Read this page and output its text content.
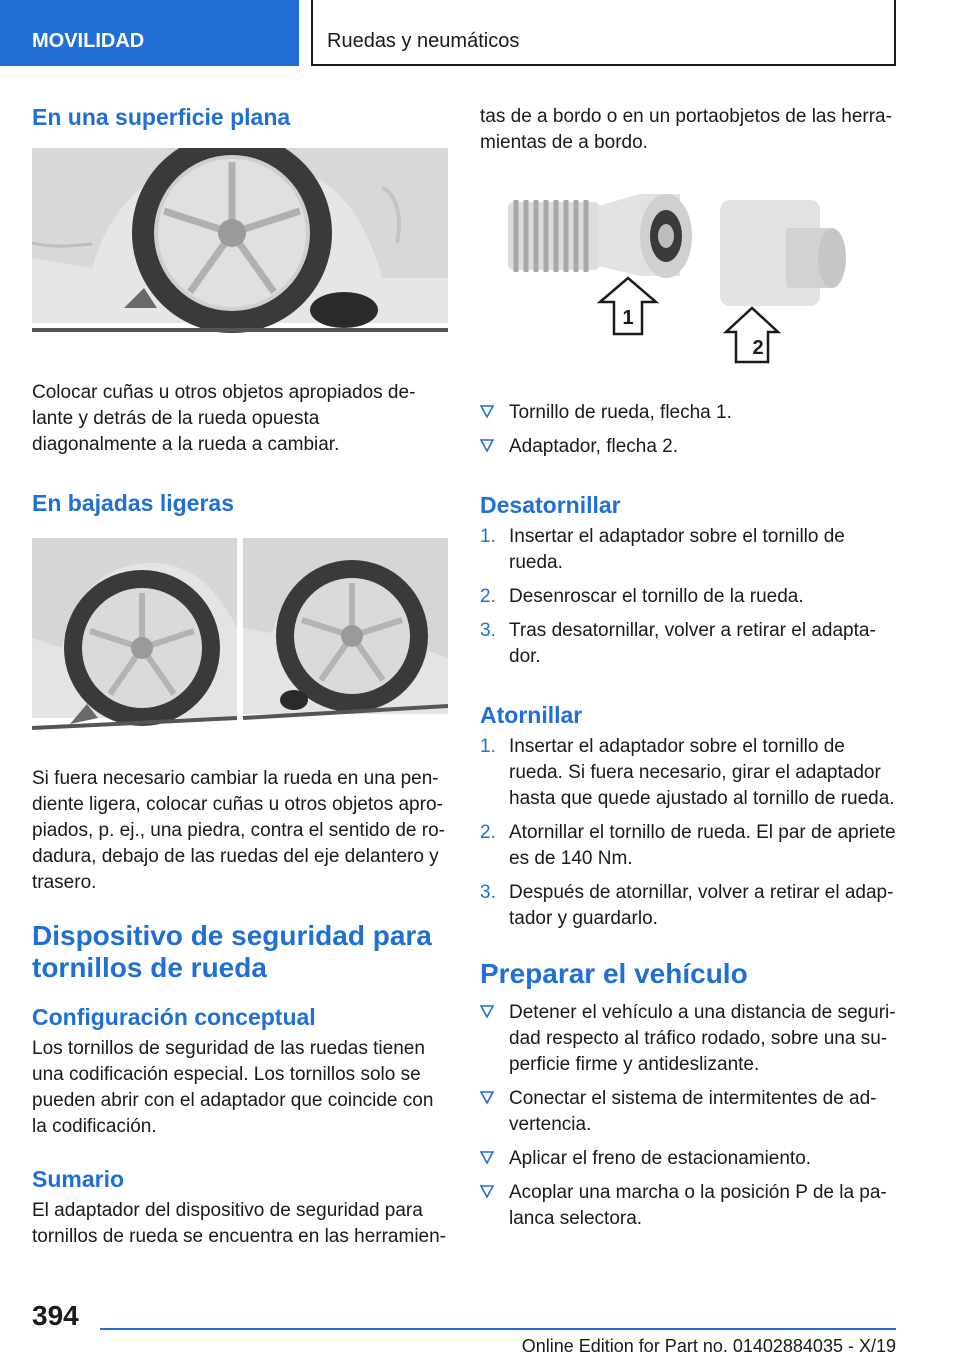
MOVILIDAD	Ruedas y neumáticos
En una superficie plana

Colocar cuñas u otros objetos apropiados de-lante y detrás de la rueda opuesta diagonalmente a la rueda a cambiar.

En bajadas ligeras

Si fuera necesario cambiar la rueda en una pen-diente ligera, colocar cuñas u otros objetos apro-piados, p. ej., una piedra, contra el sentido de ro-dadura, debajo de las ruedas del eje delantero y trasero.

Dispositivo de seguridad para tornillos de rueda
Configuración conceptual

Los tornillos de seguridad de las ruedas tienen una codificación especial. Los tornillos solo se pueden abrir con el adaptador que coincide con la codificación.

Sumario

El adaptador del dispositivo de seguridad para tornillos de rueda se encuentra en las herramien-

tas de a bordo o en un portaobjetos de las herra-mientas de a bordo.

1
2
Tornillo de rueda, flecha 1.
Adaptador, flecha 2.
Desatornillar
1. Insertar el adaptador sobre el tornillo de rueda.
2. Desenroscar el tornillo de la rueda.
3. Tras desatornillar, volver a retirar el adapta-dor.
Atornillar
1. Insertar el adaptador sobre el tornillo de rueda. Si fuera necesario, girar el adaptador hasta que quede ajustado al tornillo de rueda.
2. Atornillar el tornillo de rueda. El par de apriete es de 140 Nm.
3. Después de atornillar, volver a retirar el adap-tador y guardarlo.
Preparar el vehículo
Detener el vehículo a una distancia de seguri-dad respecto al tráfico rodado, sobre una su-perficie firme y antideslizante.
Conectar el sistema de intermitentes de ad-vertencia.
Aplicar el freno de estacionamiento.
Acoplar una marcha o la posición P de la pa-lanca selectora.
394
Online Edition for Part no. 01402884035 - X/19
